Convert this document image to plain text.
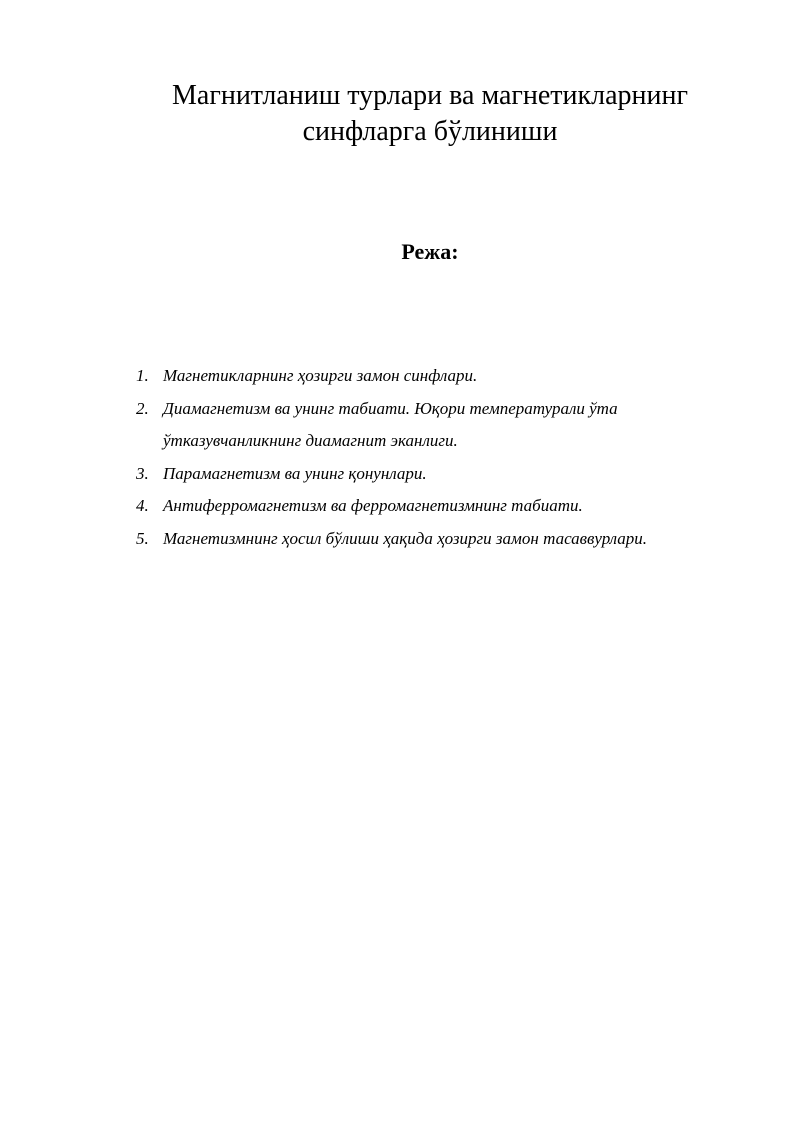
Магнитланиш турлари ва магнетикларнинг
синфларга бўлиниши
Режа:
1. Магнетикларнинг ҳозирги замон синфлари.
2. Диамагнетизм ва унинг табиати. Юқори температурали ўта ўтказувчанликнинг диамагнит эканлиги.
3. Парамагнетизм ва унинг қонунлари.
4. Антиферромагнетизм ва ферромагнетизмнинг табиати.
5. Магнетизмнинг ҳосил бўлиши ҳақида ҳозирги замон тасаввурлари.
